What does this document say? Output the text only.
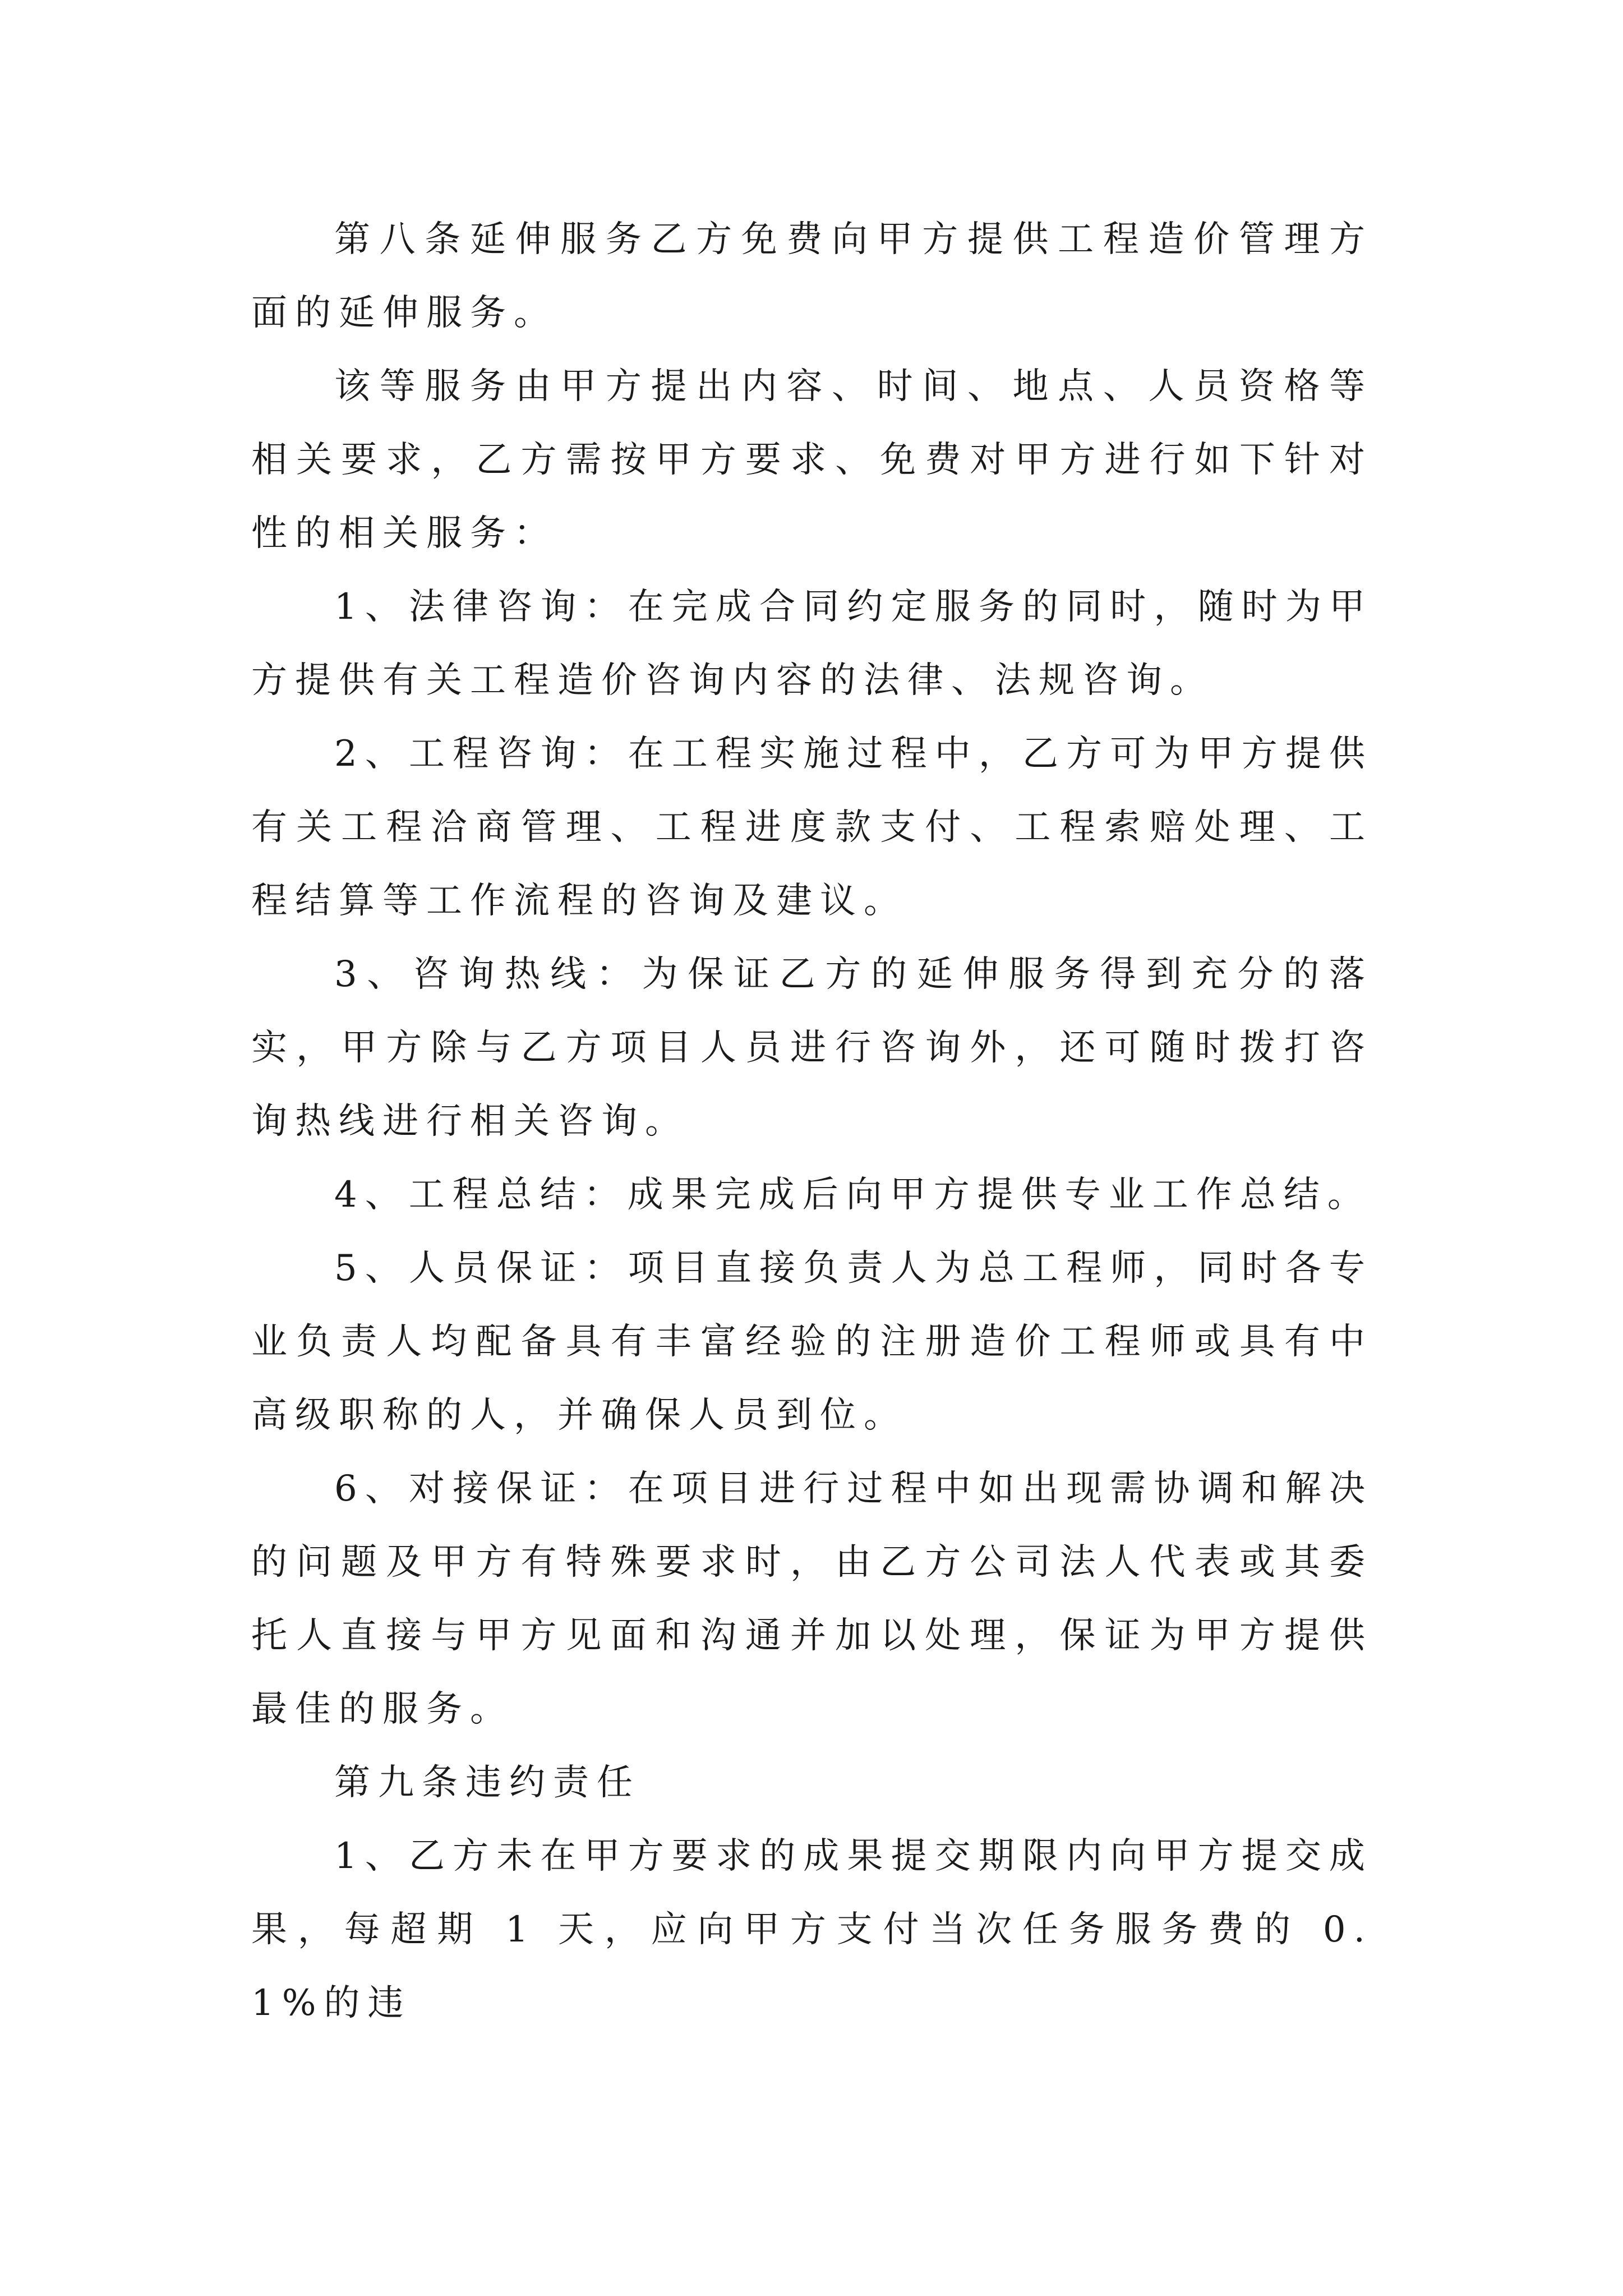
第八条延伸服务乙方免费向甲方提供工程造价管理方面的延伸服务。

该等服务由甲方提出内容、时间、地点、人员资格等相关要求，乙方需按甲方要求、免费对甲方进行如下针对性的相关服务：

1、法律咨询：在完成合同约定服务的同时，随时为甲方提供有关工程造价咨询内容的法律、法规咨询。

2、工程咨询：在工程实施过程中，乙方可为甲方提供有关工程洽商管理、工程进度款支付、工程索赔处理、工程结算等工作流程的咨询及建议。

3、咨询热线：为保证乙方的延伸服务得到充分的落实，甲方除与乙方项目人员进行咨询外，还可随时拨打咨询热线进行相关咨询。

4、工程总结：成果完成后向甲方提供专业工作总结。

5、人员保证：项目直接负责人为总工程师，同时各专业负责人均配备具有丰富经验的注册造价工程师或具有中高级职称的人，并确保人员到位。

6、对接保证：在项目进行过程中如出现需协调和解决的问题及甲方有特殊要求时，由乙方公司法人代表或其委托人直接与甲方见面和沟通并加以处理，保证为甲方提供最佳的服务。

第九条违约责任

1、乙方未在甲方要求的成果提交期限内向甲方提交成果，每超期 1 天，应向甲方支付当次任务服务费的 0.1%的违
